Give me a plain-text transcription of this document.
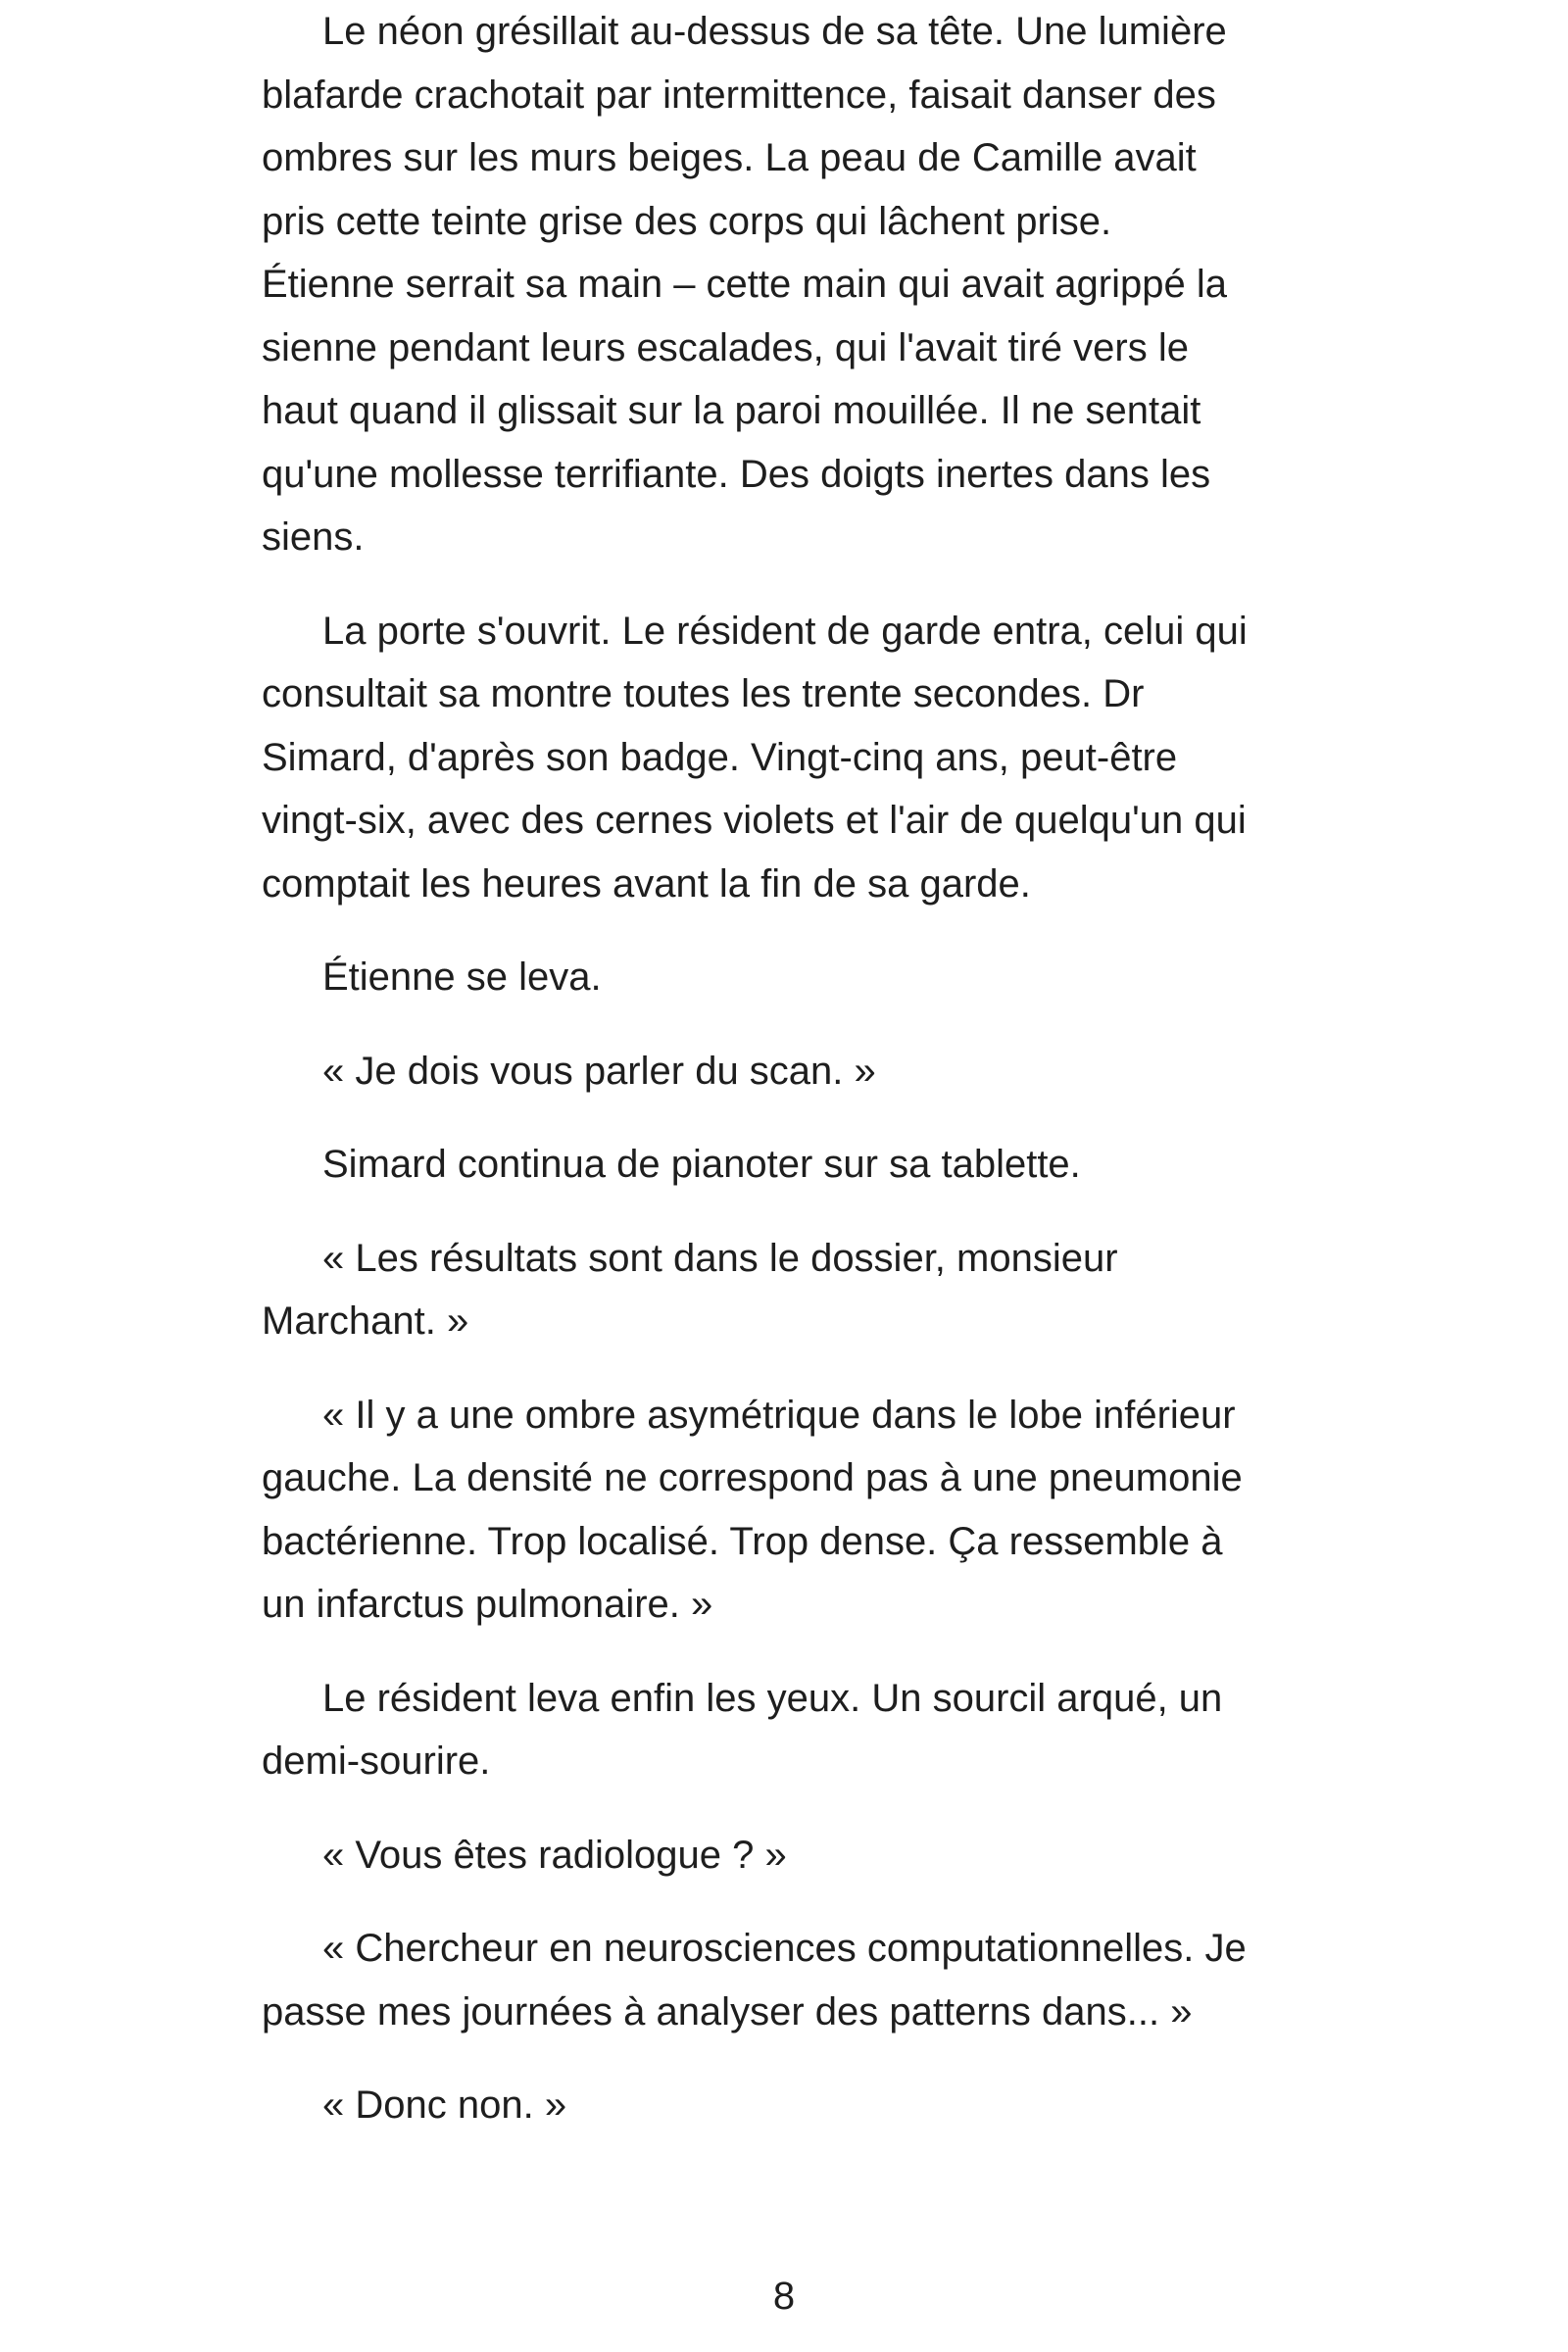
Le néon grésillait au-dessus de sa tête. Une lumière
blafarde crachotait par intermittence, faisait danser des
ombres sur les murs beiges. La peau de Camille avait
pris cette teinte grise des corps qui lâchent prise.
Étienne serrait sa main – cette main qui avait agrippé la
sienne pendant leurs escalades, qui l'avait tiré vers le
haut quand il glissait sur la paroi mouillée. Il ne sentait
qu'une mollesse terrifiante. Des doigts inertes dans les
siens.

La porte s'ouvrit. Le résident de garde entra, celui qui
consultait sa montre toutes les trente secondes. Dr
Simard, d'après son badge. Vingt-cinq ans, peut-être
vingt-six, avec des cernes violets et l'air de quelqu'un qui
comptait les heures avant la fin de sa garde.

Étienne se leva.

« Je dois vous parler du scan. »

Simard continua de pianoter sur sa tablette.

« Les résultats sont dans le dossier, monsieur
Marchant. »

« Il y a une ombre asymétrique dans le lobe inférieur
gauche. La densité ne correspond pas à une pneumonie
bactérienne. Trop localisé. Trop dense. Ça ressemble à
un infarctus pulmonaire. »

Le résident leva enfin les yeux. Un sourcil arqué, un
demi-sourire.

« Vous êtes radiologue ? »

« Chercheur en neurosciences computationnelles. Je
passe mes journées à analyser des patterns dans... »

« Donc non. »

8
